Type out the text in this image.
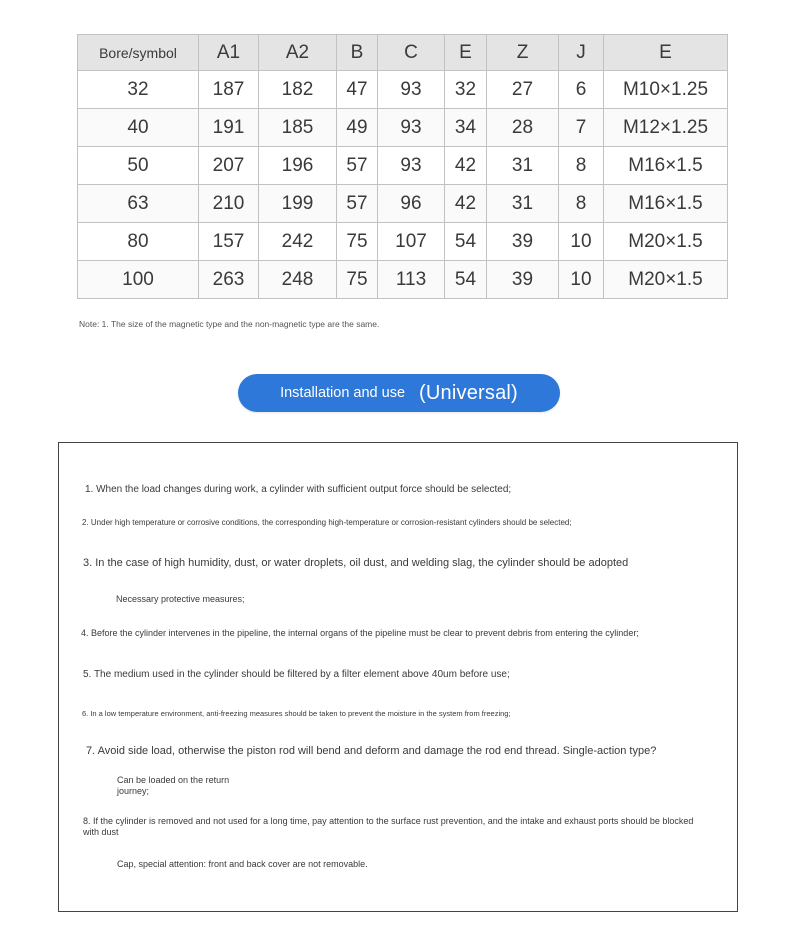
Bore/symbol	A1	A2	B	C	E	Z	J	E
32	187	182	47	93	32	27	6	M10×1.25
40	191	185	49	93	34	28	7	M12×1.25
50	207	196	57	93	42	31	8	M16×1.5
63	210	199	57	96	42	31	8	M16×1.5
80	157	242	75	107	54	39	10	M20×1.5
100	263	248	75	113	54	39	10	M20×1.5
Note: 1. The size of the magnetic type and the non-magnetic type are the same.
Installation and use (Universal)

1. When the load changes during work, a cylinder with sufficient output force should be selected;

2. Under high temperature or corrosive conditions, the corresponding high-temperature or corrosion-resistant cylinders should be selected;

3. In the case of high humidity, dust, or water droplets, oil dust, and welding slag, the cylinder should be adopted

Necessary protective measures;

4. Before the cylinder intervenes in the pipeline, the internal organs of the pipeline must be clear to prevent debris from entering the cylinder;

5. The medium used in the cylinder should be filtered by a filter element above 40um before use;

6. In a low temperature environment, anti-freezing measures should be taken to prevent the moisture in the system from freezing;

7. Avoid side load, otherwise the piston rod will bend and deform and damage the rod end thread. Single-action type?

Can be loaded on the return journey;

8. If the cylinder is removed and not used for a long time, pay attention to the surface rust prevention, and the intake and exhaust ports should be blocked with dust

Cap, special attention: front and back cover are not removable.
